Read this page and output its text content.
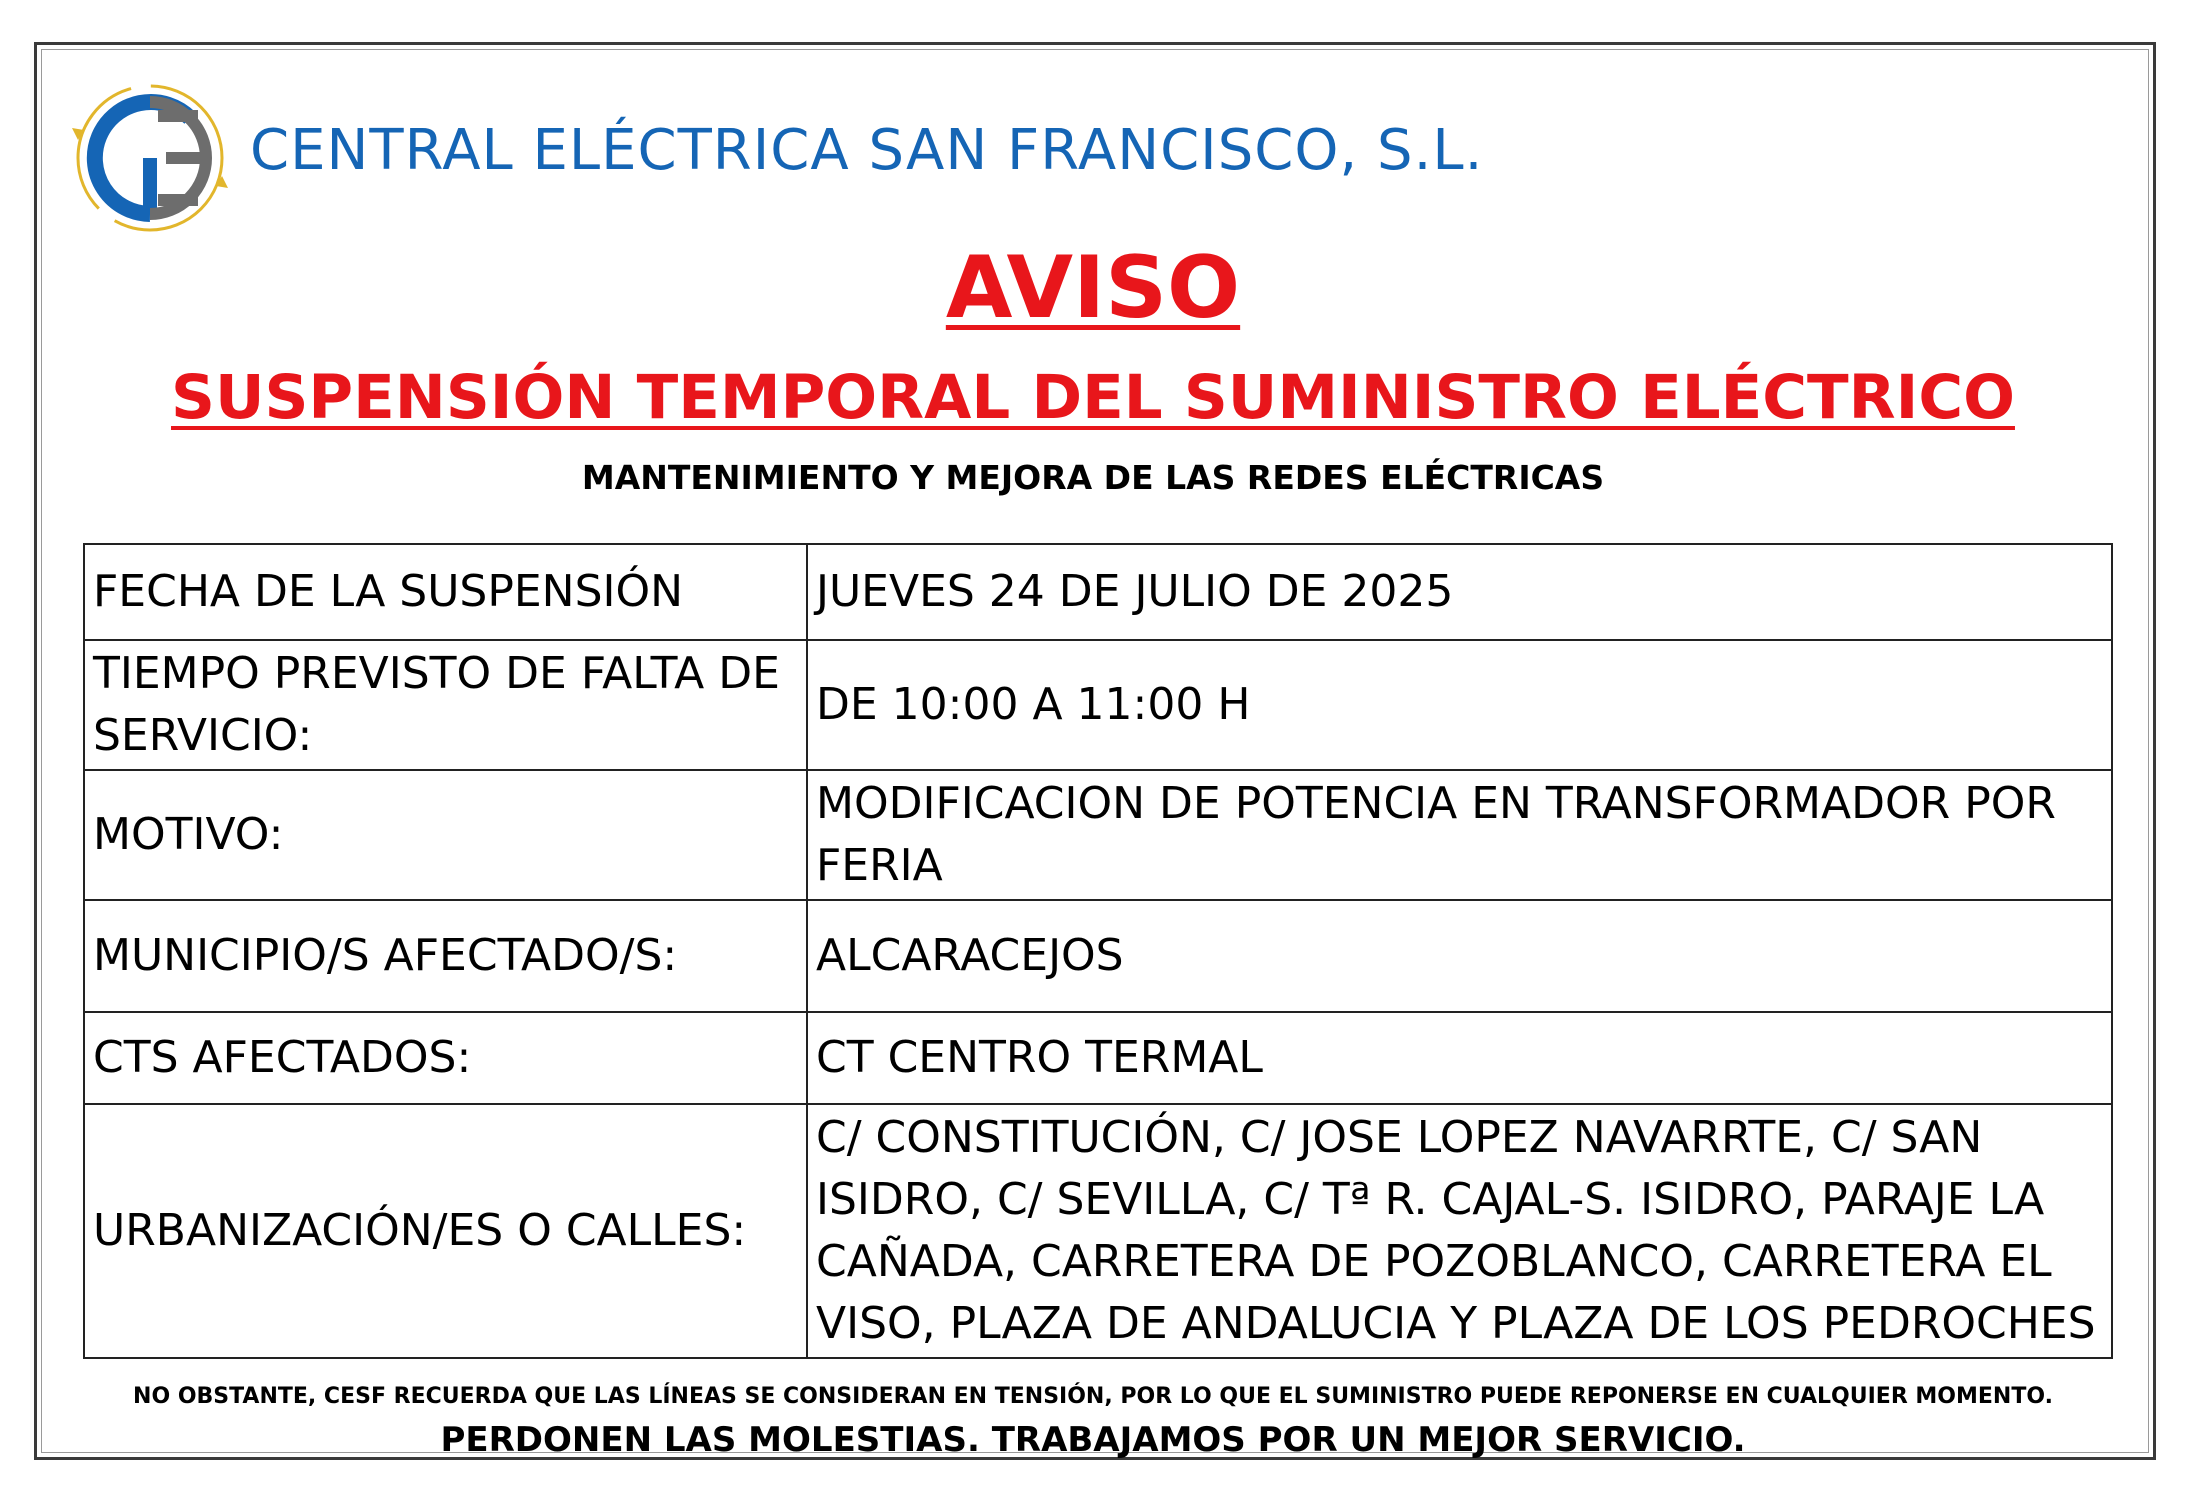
CENTRAL ELÉCTRICA SAN FRANCISCO, S.L.
AVISO
SUSPENSIÓN TEMPORAL DEL SUMINISTRO ELÉCTRICO
MANTENIMIENTO Y MEJORA DE LAS REDES ELÉCTRICAS
FECHA DE LA SUSPENSIÓN	JUEVES 24 DE JULIO DE 2025
TIEMPO PREVISTO DE FALTA DE SERVICIO:	DE 10:00 A 11:00 H
MOTIVO:	MODIFICACION DE POTENCIA EN TRANSFORMADOR POR FERIA
MUNICIPIO/S AFECTADO/S:	ALCARACEJOS
CTS AFECTADOS:	CT CENTRO TERMAL
URBANIZACIÓN/ES O CALLES:	C/ CONSTITUCIÓN, C/ JOSE LOPEZ NAVARRTE, C/ SAN ISIDRO, C/ SEVILLA, C/ Tª R. CAJAL-S. ISIDRO, PARAJE LA CAÑADA, CARRETERA DE POZOBLANCO, CARRETERA EL VISO, PLAZA DE ANDALUCIA Y PLAZA DE LOS PEDROCHES
NO OBSTANTE, CESF RECUERDA QUE LAS LÍNEAS SE CONSIDERAN EN TENSIÓN, POR LO QUE EL SUMINISTRO PUEDE REPONERSE EN CUALQUIER MOMENTO.
PERDONEN LAS MOLESTIAS. TRABAJAMOS POR UN MEJOR SERVICIO.
